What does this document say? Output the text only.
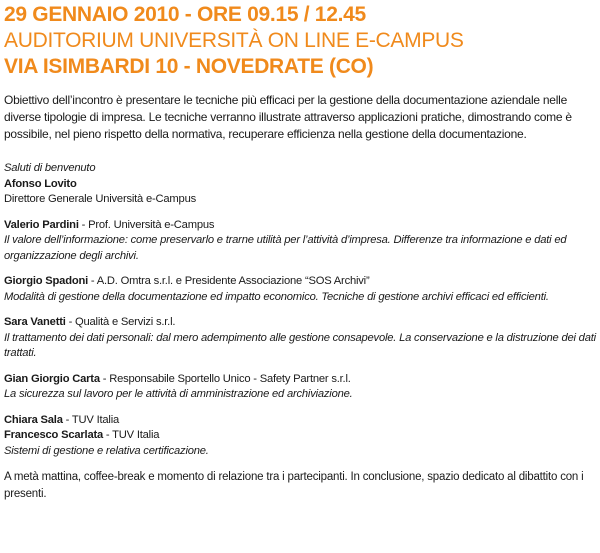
29 GENNAIO 2010 - ORE 09.15 / 12.45
AUDITORIUM UNIVERSITÀ ON LINE E-CAMPUS
VIA ISIMBARDI 10 - NOVEDRATE (CO)
Obiettivo dell’incontro è presentare le tecniche più efficaci per la gestione della documentazione aziendale nelle diverse tipologie di impresa. Le tecniche verranno illustrate attraverso applicazioni pratiche, dimostrando come è possibile, nel pieno rispetto della normativa, recuperare efficienza nella gestione della documentazione.
Saluti di benvenuto
Afonso Lovito
Direttore Generale Università e-Campus
Valerio Pardini - Prof. Università e-Campus
Il valore dell’informazione: come preservarlo e trarne utilità per l’attività d’impresa. Differenze tra informazione e dati ed organizzazione degli archivi.
Giorgio Spadoni - A.D. Omtra s.r.l. e Presidente Associazione “SOS Archivi”
Modalità di gestione della documentazione ed impatto economico. Tecniche di gestione archivi efficaci ed efficienti.
Sara Vanetti - Qualità e Servizi s.r.l.
Il trattamento dei dati personali: dal mero adempimento alle gestione consapevole. La conservazione e la distruzione dei dati trattati.
Gian Giorgio Carta - Responsabile Sportello Unico - Safety Partner s.r.l.
La sicurezza sul lavoro per le attività di amministrazione ed archiviazione.
Chiara Sala - TUV Italia
Francesco Scarlata - TUV Italia
Sistemi di gestione e relativa certificazione.
A metà mattina, coffee-break e momento di relazione tra i partecipanti. In conclusione, spazio dedicato al dibattito con i presenti.
